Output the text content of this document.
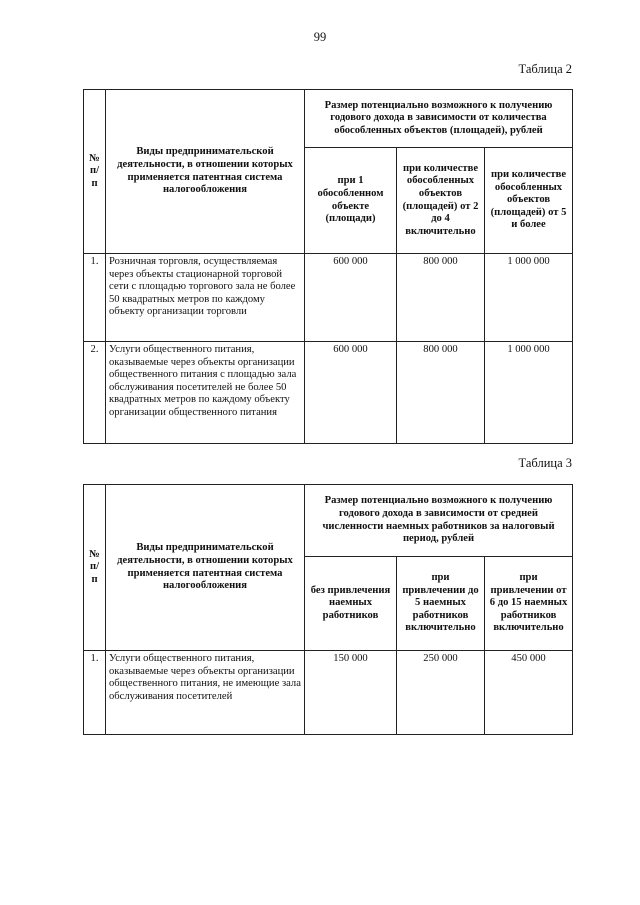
99
Таблица 2
№ п/п	Виды предпринимательской деятельности, в отношении которых применяется патентная система налогообложения	Размер потенциально возможного к получению годового дохода в зависимости от количества обособленных объектов (площадей), рублей		
		при 1 обособленном объекте (площади)	при количестве обособленных объектов (площадей) от 2 до 4 включительно	при количестве обособленных объектов (площадей) от 5 и более
1.	Розничная торговля, осуществляемая через объекты стационарной торговой сети с площадью торгового зала не более 50 квадратных метров по каждому объекту организации торговли	600 000	800 000	1 000 000
2.	Услуги общественного питания, оказываемые через объекты организации общественного питания с площадью зала обслуживания посетителей не более 50 квадратных метров по каждому объекту организации общественного питания	600 000	800 000	1 000 000
Таблица 3
№ п/п	Виды предпринимательской деятельности, в отношении которых применяется патентная система налогообложения	Размер потенциально возможного к получению годового дохода в зависимости от средней численности наемных работников за налоговый период, рублей		
		без привлечения наемных работников	при привлечении до 5 наемных работников включительно	при привлечении от 6 до 15 наемных работников включительно
1.	Услуги общественного питания, оказываемые через объекты организации общественного питания, не имеющие зала обслуживания посетителей	150 000	250 000	450 000
